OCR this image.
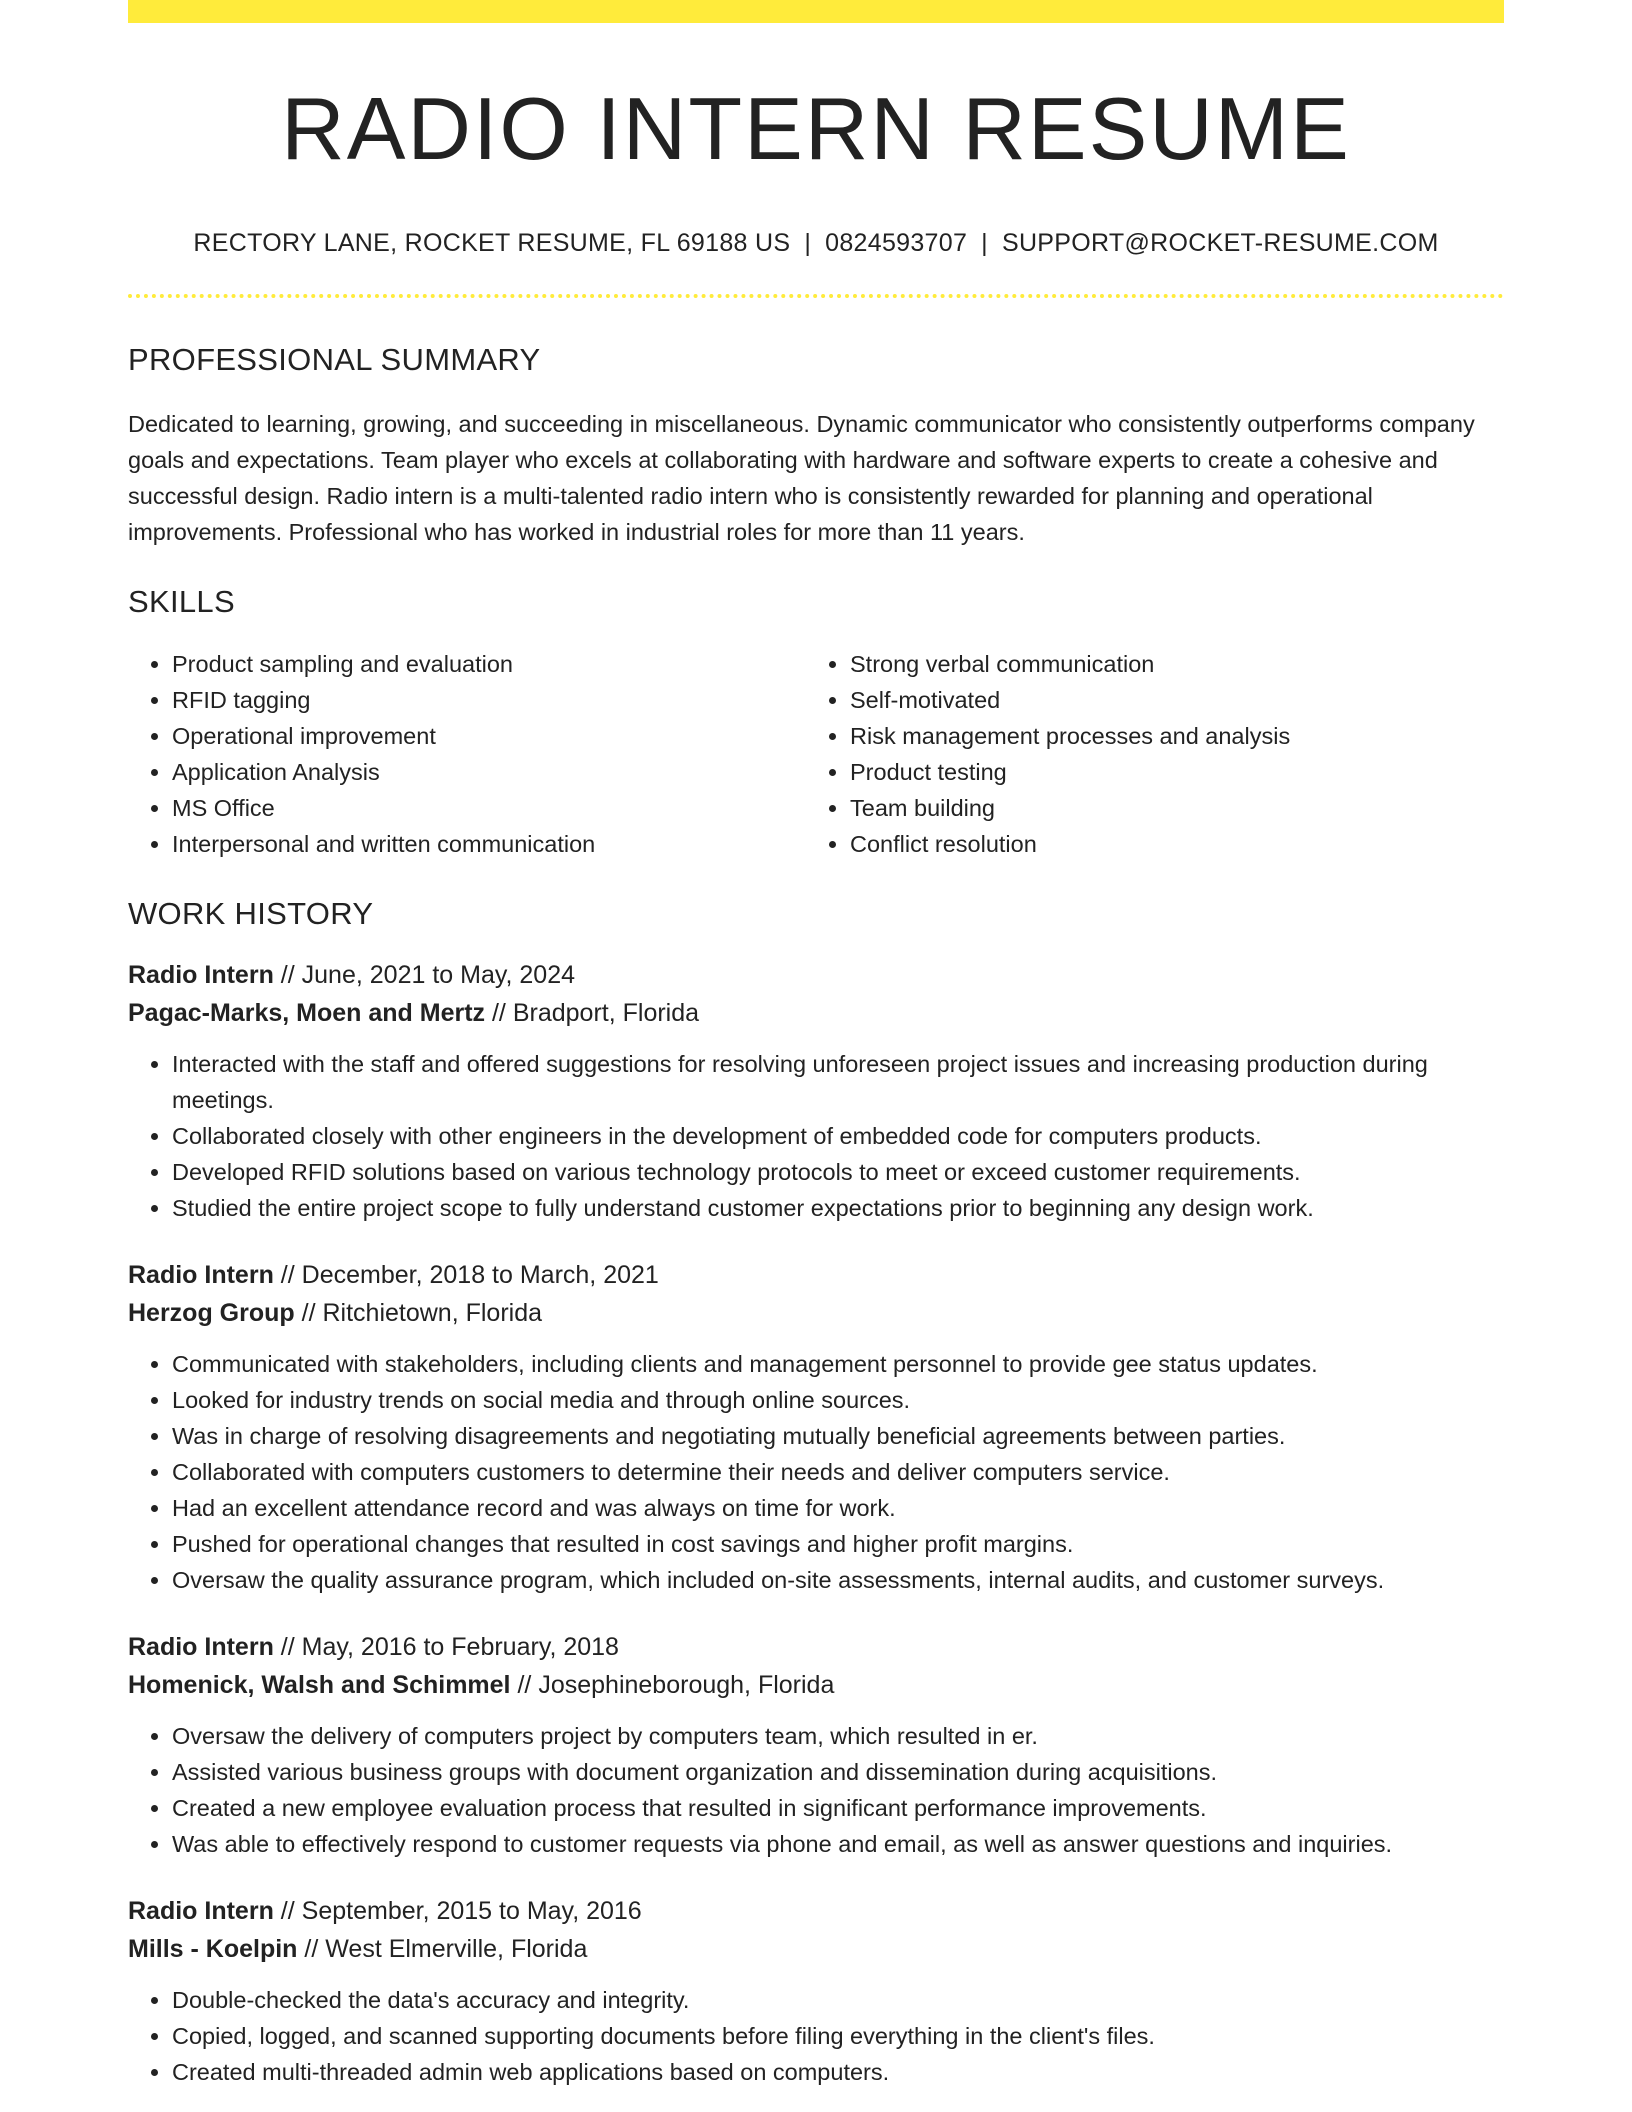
RADIO INTERN RESUME
RECTORY LANE, ROCKET RESUME, FL 69188 US | 0824593707 | SUPPORT@ROCKET-RESUME.COM
PROFESSIONAL SUMMARY
Dedicated to learning, growing, and succeeding in miscellaneous. Dynamic communicator who consistently outperforms company goals and expectations. Team player who excels at collaborating with hardware and software experts to create a cohesive and successful design. Radio intern is a multi-talented radio intern who is consistently rewarded for planning and operational improvements. Professional who has worked in industrial roles for more than 11 years.
SKILLS
• Product sampling and evaluation
• RFID tagging
• Operational improvement
• Application Analysis
• MS Office
• Interpersonal and written communication
• Strong verbal communication
• Self-motivated
• Risk management processes and analysis
• Product testing
• Team building
• Conflict resolution
WORK HISTORY
Radio Intern // June, 2021 to May, 2024
Pagac-Marks, Moen and Mertz // Bradport, Florida
• Interacted with the staff and offered suggestions for resolving unforeseen project issues and increasing production during meetings.
• Collaborated closely with other engineers in the development of embedded code for computers products.
• Developed RFID solutions based on various technology protocols to meet or exceed customer requirements.
• Studied the entire project scope to fully understand customer expectations prior to beginning any design work.
Radio Intern // December, 2018 to March, 2021
Herzog Group // Ritchietown, Florida
• Communicated with stakeholders, including clients and management personnel to provide gee status updates.
• Looked for industry trends on social media and through online sources.
• Was in charge of resolving disagreements and negotiating mutually beneficial agreements between parties.
• Collaborated with computers customers to determine their needs and deliver computers service.
• Had an excellent attendance record and was always on time for work.
• Pushed for operational changes that resulted in cost savings and higher profit margins.
• Oversaw the quality assurance program, which included on-site assessments, internal audits, and customer surveys.
Radio Intern // May, 2016 to February, 2018
Homenick, Walsh and Schimmel // Josephineborough, Florida
• Oversaw the delivery of computers project by computers team, which resulted in er.
• Assisted various business groups with document organization and dissemination during acquisitions.
• Created a new employee evaluation process that resulted in significant performance improvements.
• Was able to effectively respond to customer requests via phone and email, as well as answer questions and inquiries.
Radio Intern // September, 2015 to May, 2016
Mills - Koelpin // West Elmerville, Florida
• Double-checked the data's accuracy and integrity.
• Copied, logged, and scanned supporting documents before filing everything in the client's files.
• Created multi-threaded admin web applications based on computers.
